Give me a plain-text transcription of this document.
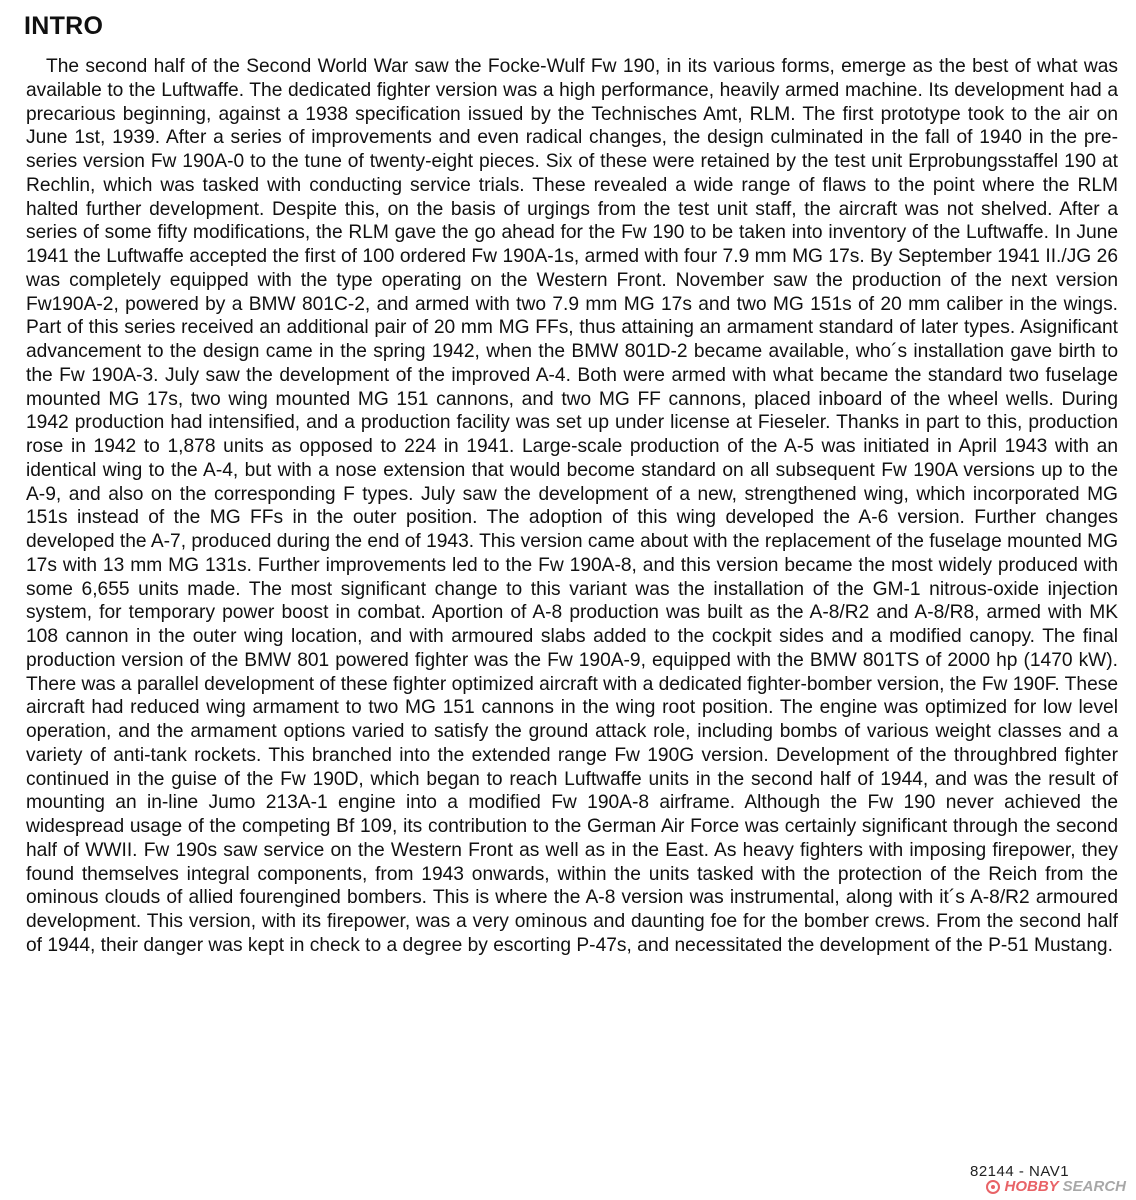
INTRO

The second half of the Second World War saw the Focke-Wulf Fw 190, in its various forms, emerge as the best of what was available to the Luftwaffe. The dedicated fighter version was a high performance, heavily armed machine. Its development had a precarious beginning, against a 1938 specification issued by the Technisches Amt, RLM. The first prototype took to the air on June 1st, 1939. After a series of improvements and even radical changes, the design culminated in the fall of 1940 in the pre-series version Fw 190A-0 to the tune of twenty-eight pieces. Six of these were retained by the test unit Erprobungsstaffel 190 at Rechlin, which was tasked with conducting service trials. These revealed a wide range of flaws to the point where the RLM halted further development. Despite this, on the basis of urgings from the test unit staff, the aircraft was not shelved. After a series of some fifty modifications, the RLM gave the go ahead for the Fw 190 to be taken into inventory of the Luftwaffe. In June 1941 the Luftwaffe accepted the first of 100 ordered Fw 190A-1s, armed with four 7.9 mm MG 17s. By September 1941 II./JG 26 was completely equipped with the type operating on the Western Front. November saw the production of the next version Fw190A-2, powered by a BMW 801C-2, and armed with two 7.9 mm MG 17s and two MG 151s of 20 mm caliber in the wings. Part of this series received an additional pair of 20 mm MG FFs, thus attaining an armament standard of later types. Asignificant advancement to the design came in the spring 1942, when the BMW 801D-2 became available, who´s installation gave birth to the Fw 190A-3. July saw the development of the improved A-4. Both were armed with what became the standard two fuselage mounted MG 17s, two wing mounted MG 151 cannons, and two MG FF cannons, placed inboard of the wheel wells. During 1942 production had intensified, and a production facility was set up under license at Fieseler. Thanks in part to this, production rose in 1942 to 1,878 units as opposed to 224 in 1941. Large-scale production of the A-5 was initiated in April 1943 with an identical wing to the A-4, but with a nose extension that would become standard on all subsequent Fw 190A versions up to the A-9, and also on the corresponding F types. July saw the development of a new, strengthened wing, which incorporated MG 151s instead of the MG FFs in the outer position. The adoption of this wing developed the A-6 version. Further changes developed the A-7, produced during the end of 1943. This version came about with the replacement of the fuselage mounted MG 17s with 13 mm MG 131s. Further improvements led to the Fw 190A-8, and this version became the most widely produced with some 6,655 units made. The most significant change to this variant was the installation of the GM-1 nitrous-oxide injection system, for temporary power boost in combat. Aportion of A-8 production was built as the A-8/R2 and A-8/R8, armed with MK 108 cannon in the outer wing location, and with armoured slabs added to the cockpit sides and a modified canopy. The final production version of the BMW 801 powered fighter was the Fw 190A-9, equipped with the BMW 801TS of 2000 hp (1470 kW). There was a parallel development of these fighter optimized aircraft with a dedicated fighter-bomber version, the Fw 190F. These aircraft had reduced wing armament to two MG 151 cannons in the wing root position. The engine was optimized for low level operation, and the armament options varied to satisfy the ground attack role, including bombs of various weight classes and a variety of anti-tank rockets. This branched into the extended range Fw 190G version. Development of the throughbred fighter continued in the guise of the Fw 190D, which began to reach Luftwaffe units in the second half of 1944, and was the result of mounting an in-line Jumo 213A-1 engine into a modified Fw 190A-8 airframe. Although the Fw 190 never achieved the widespread usage of the competing Bf 109, its contribution to the German Air Force was certainly significant through the second half of WWII. Fw 190s saw service on the Western Front as well as in the East. As heavy fighters with imposing firepower, they found themselves integral components, from 1943 onwards, within the units tasked with the protection of the Reich from the ominous clouds of allied fourengined bombers. This is where the A-8 version was instrumental, along with it´s A-8/R2 armoured development. This version, with its firepower, was a very ominous and daunting foe for the bomber crews. From the second half of 1944, their danger was kept in check to a degree by escorting P-47s, and necessitated the development of the P-51 Mustang.

82144 - NAV1
HOBBY SEARCH
